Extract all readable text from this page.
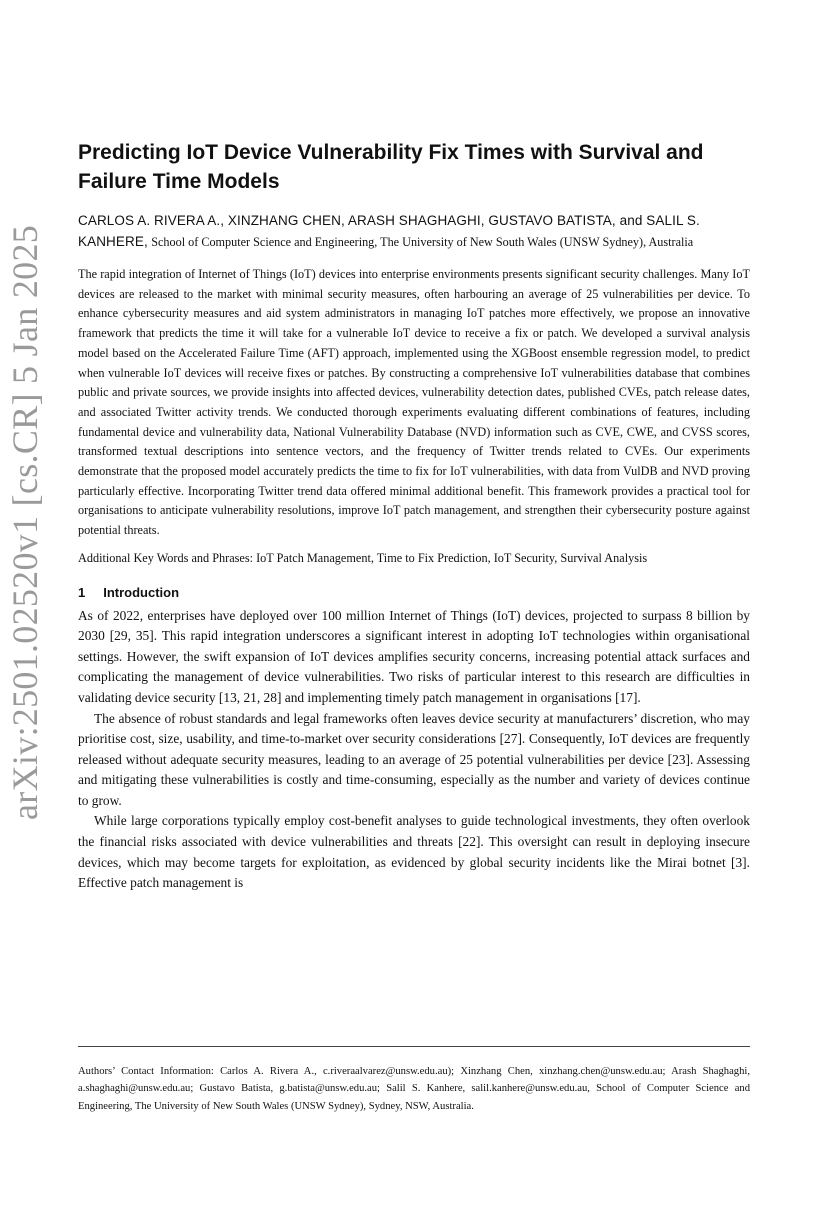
arXiv:2501.02520v1 [cs.CR] 5 Jan 2025
Predicting IoT Device Vulnerability Fix Times with Survival and Failure Time Models

CARLOS A. RIVERA A., XINZHANG CHEN, ARASH SHAGHAGHI, GUSTAVO BATISTA, and SALIL S. KANHERE, School of Computer Science and Engineering, The University of New South Wales (UNSW Sydney), Australia

The rapid integration of Internet of Things (IoT) devices into enterprise environments presents significant security challenges. Many IoT devices are released to the market with minimal security measures, often harbouring an average of 25 vulnerabilities per device. To enhance cybersecurity measures and aid system administrators in managing IoT patches more effectively, we propose an innovative framework that predicts the time it will take for a vulnerable IoT device to receive a fix or patch. We developed a survival analysis model based on the Accelerated Failure Time (AFT) approach, implemented using the XGBoost ensemble regression model, to predict when vulnerable IoT devices will receive fixes or patches. By constructing a comprehensive IoT vulnerabilities database that combines public and private sources, we provide insights into affected devices, vulnerability detection dates, published CVEs, patch release dates, and associated Twitter activity trends. We conducted thorough experiments evaluating different combinations of features, including fundamental device and vulnerability data, National Vulnerability Database (NVD) information such as CVE, CWE, and CVSS scores, transformed textual descriptions into sentence vectors, and the frequency of Twitter trends related to CVEs. Our experiments demonstrate that the proposed model accurately predicts the time to fix for IoT vulnerabilities, with data from VulDB and NVD proving particularly effective. Incorporating Twitter trend data offered minimal additional benefit. This framework provides a practical tool for organisations to anticipate vulnerability resolutions, improve IoT patch management, and strengthen their cybersecurity posture against potential threats.

Additional Key Words and Phrases: IoT Patch Management, Time to Fix Prediction, IoT Security, Survival Analysis

1 Introduction

As of 2022, enterprises have deployed over 100 million Internet of Things (IoT) devices, projected to surpass 8 billion by 2030 [29, 35]. This rapid integration underscores a significant interest in adopting IoT technologies within organisational settings. However, the swift expansion of IoT devices amplifies security concerns, increasing potential attack surfaces and complicating the management of device vulnerabilities. Two risks of particular interest to this research are difficulties in validating device security [13, 21, 28] and implementing timely patch management in organisations [17].

The absence of robust standards and legal frameworks often leaves device security at manufacturers’ discretion, who may prioritise cost, size, usability, and time-to-market over security considerations [27]. Consequently, IoT devices are frequently released without adequate security measures, leading to an average of 25 potential vulnerabilities per device [23]. Assessing and mitigating these vulnerabilities is costly and time-consuming, especially as the number and variety of devices continue to grow.

While large corporations typically employ cost-benefit analyses to guide technological investments, they often overlook the financial risks associated with device vulnerabilities and threats [22]. This oversight can result in deploying insecure devices, which may become targets for exploitation, as evidenced by global security incidents like the Mirai botnet [3]. Effective patch management is

Authors’ Contact Information: Carlos A. Rivera A., c.riveraalvarez@unsw.edu.au); Xinzhang Chen, xinzhang.chen@unsw.edu.au; Arash Shaghaghi, a.shaghaghi@unsw.edu.au; Gustavo Batista, g.batista@unsw.edu.au; Salil S. Kanhere, salil.kanhere@unsw.edu.au, School of Computer Science and Engineering, The University of New South Wales (UNSW Sydney), Sydney, NSW, Australia.
